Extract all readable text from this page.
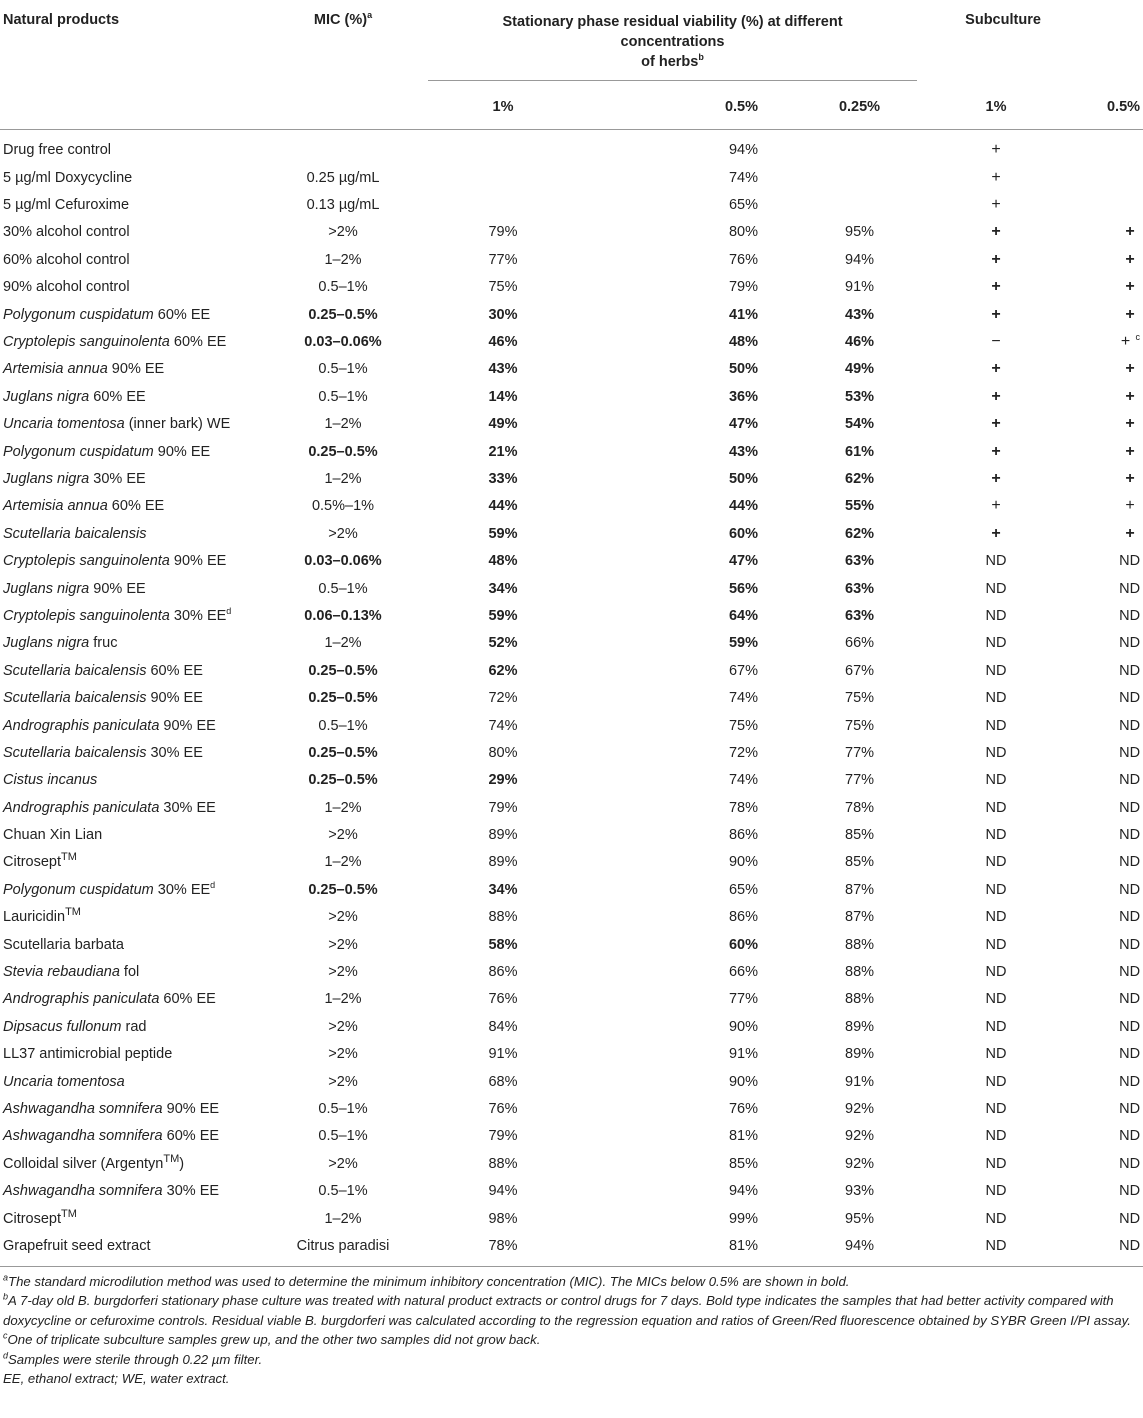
Natural products	MIC (%)$^a$	Stationary phase residual viability (%) at different
concentrations
of herbs$^b$			Subculture	
		1%	0.5%	0.25%	1%	0.5%
Drug free control			94%		+	
5 µg/ml Doxycycline	0.25 µg/mL		74%		+	
5 µg/ml Cefuroxime	0.13 µg/mL		65%		+	
30% alcohol control	>2%	79%	80%	95%	+	+
60% alcohol control	1–2%	77%	76%	94%	+	+
90% alcohol control	0.5–1%	75%	79%	91%	+	+
Polygonum cuspidatum 60% EE	0.25–0.5%	30%	41%	43%	+	+
Cryptolepis sanguinolenta 60% EE	0.03–0.06%	46%	48%	46%	−	+ $^c$
Artemisia annua 90% EE	0.5–1%	43%	50%	49%	+	+
Juglans nigra 60% EE	0.5–1%	14%	36%	53%	+	+
Uncaria tomentosa (inner bark) WE	1–2%	49%	47%	54%	+	+
Polygonum cuspidatum 90% EE	0.25–0.5%	21%	43%	61%	+	+
Juglans nigra 30% EE	1–2%	33%	50%	62%	+	+
Artemisia annua 60% EE	0.5%–1%	44%	44%	55%	+	+
Scutellaria baicalensis	>2%	59%	60%	62%	+	+
Cryptolepis sanguinolenta 90% EE	0.03–0.06%	48%	47%	63%	ND	ND
Juglans nigra 90% EE	0.5–1%	34%	56%	63%	ND	ND
Cryptolepis sanguinolenta 30% $EE^d$	0.06–0.13%	59%	64%	63%	ND	ND
Juglans nigra fruc	1–2%	52%	59%	66%	ND	ND
Scutellaria baicalensis 60% EE	0.25–0.5%	62%	67%	67%	ND	ND
Scutellaria baicalensis 90% EE	0.25–0.5%	72%	74%	75%	ND	ND
Andrographis paniculata 90% EE	0.5–1%	74%	75%	75%	ND	ND
Scutellaria baicalensis 30% EE	0.25–0.5%	80%	72%	77%	ND	ND
Cistus incanus	0.25–0.5%	29%	74%	77%	ND	ND
Andrographis paniculata 30% EE	1–2%	79%	78%	78%	ND	ND
Chuan Xin Lian	>2%	89%	86%	85%	ND	ND
Citrosept™	1–2%	89%	90%	85%	ND	ND
Polygonum cuspidatum 30% $EE^d$	0.25–0.5%	34%	65%	87%	ND	ND
Lauricidin™	>2%	88%	86%	87%	ND	ND
Scutellaria barbata	>2%	58%	60%	88%	ND	ND
Stevia rebaudiana fol	>2%	86%	66%	88%	ND	ND
Andrographis paniculata 60% EE	1–2%	76%	77%	88%	ND	ND
Dipsacus fullonum rad	>2%	84%	90%	89%	ND	ND
LL37 antimicrobial peptide	>2%	91%	91%	89%	ND	ND
Uncaria tomentosa	>2%	68%	90%	91%	ND	ND
Ashwagandha somnifera 90% EE	0.5–1%	76%	76%	92%	ND	ND
Ashwagandha somnifera 60% EE	0.5–1%	79%	81%	92%	ND	ND
Colloidal silver (Argentyn™)	>2%	88%	85%	92%	ND	ND
Ashwagandha somnifera 30% EE	0.5–1%	94%	94%	93%	ND	ND
Citrosept™	1–2%	98%	99%	95%	ND	ND
Grapefruit seed extract	Citrus paradisi	78%	81%	94%	ND	ND

$^a$The standard microdilution method was used to determine the minimum inhibitory concentration (MIC). The MICs below 0.5% are shown in bold.

$^b$A 7-day old B. burgdorferi stationary phase culture was treated with natural product extracts or control drugs for 7 days. Bold type indicates the samples that had better activity compared with doxycycline or cefuroxime controls. Residual viable B. burgdorferi was calculated according to the regression equation and ratios of Green/Red fluorescence obtained by SYBR Green I/PI assay.

$^c$One of triplicate subculture samples grew up, and the other two samples did not grow back.

$^d$Samples were sterile through 0.22 µm filter.

EE, ethanol extract; WE, water extract.
